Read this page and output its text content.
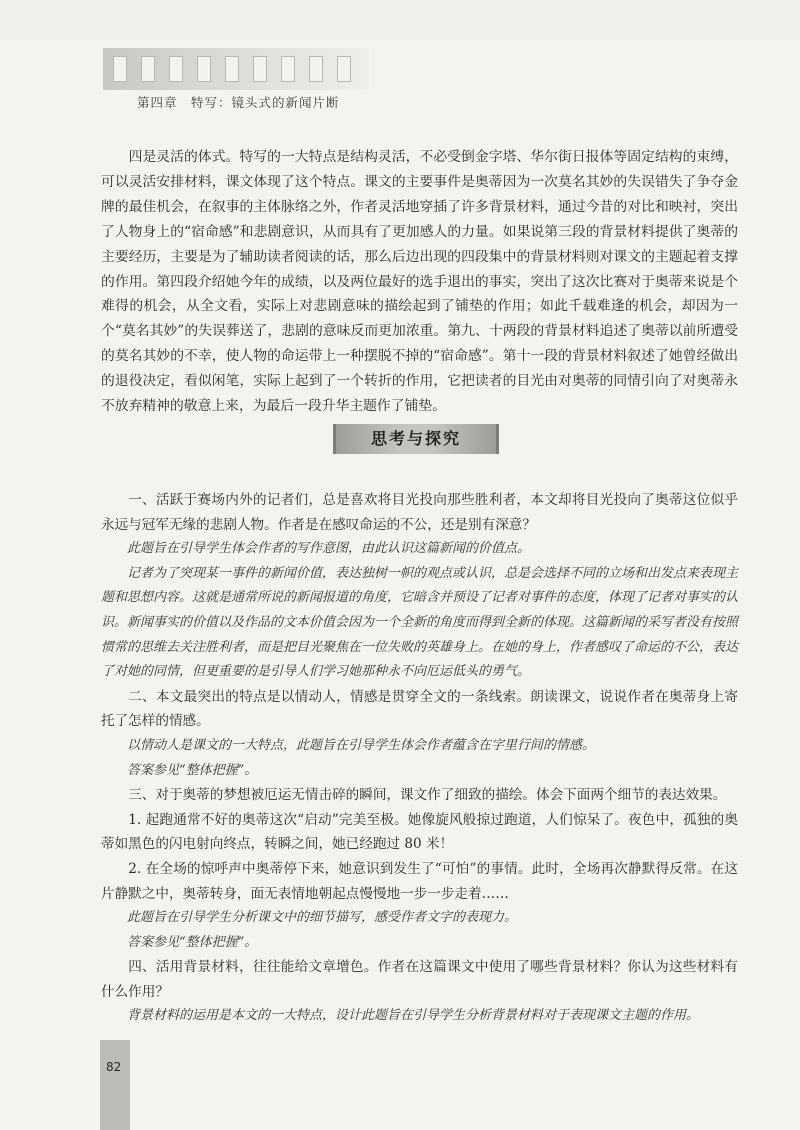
第四章　特写：镜头式的新闻片断

四是灵活的体式。特写的一大特点是结构灵活，不必受倒金字塔、华尔街日报体等固定结构的束缚，可以灵活安排材料，课文体现了这个特点。课文的主要事件是奥蒂因为一次莫名其妙的失误错失了争夺金牌的最佳机会，在叙事的主体脉络之外，作者灵活地穿插了许多背景材料，通过今昔的对比和映衬，突出了人物身上的“宿命感”和悲剧意识，从而具有了更加感人的力量。如果说第三段的背景材料提供了奥蒂的主要经历，主要是为了辅助读者阅读的话，那么后边出现的四段集中的背景材料则对课文的主题起着支撑的作用。第四段介绍她今年的成绩，以及两位最好的选手退出的事实，突出了这次比赛对于奥蒂来说是个难得的机会，从全文看，实际上对悲剧意味的描绘起到了铺垫的作用；如此千载难逢的机会，却因为一个“莫名其妙”的失误葬送了，悲剧的意味反而更加浓重。第九、十两段的背景材料追述了奥蒂以前所遭受的莫名其妙的不幸，使人物的命运带上一种摆脱不掉的“宿命感”。第十一段的背景材料叙述了她曾经做出的退役决定，看似闲笔，实际上起到了一个转折的作用，它把读者的目光由对奥蒂的同情引向了对奥蒂永不放弃精神的敬意上来，为最后一段升华主题作了铺垫。

思考与探究

一、活跃于赛场内外的记者们，总是喜欢将目光投向那些胜利者，本文却将目光投向了奥蒂这位似乎永远与冠军无缘的悲剧人物。作者是在感叹命运的不公，还是别有深意？

此题旨在引导学生体会作者的写作意图，由此认识这篇新闻的价值点。

记者为了突现某一事件的新闻价值，表达独树一帜的观点或认识，总是会选择不同的立场和出发点来表现主题和思想内容。这就是通常所说的新闻报道的角度，它暗含并预设了记者对事件的态度，体现了记者对事实的认识。新闻事实的价值以及作品的文本价值会因为一个全新的角度而得到全新的体现。这篇新闻的采写者没有按照惯常的思维去关注胜利者，而是把目光聚焦在一位失败的英雄身上。在她的身上，作者感叹了命运的不公，表达了对她的同情，但更重要的是引导人们学习她那种永不向厄运低头的勇气。

二、本文最突出的特点是以情动人，情感是贯穿全文的一条线索。朗读课文，说说作者在奥蒂身上寄托了怎样的情感。

以情动人是课文的一大特点，此题旨在引导学生体会作者蕴含在字里行间的情感。

答案参见“整体把握”。

三、对于奥蒂的梦想被厄运无情击碎的瞬间，课文作了细致的描绘。体会下面两个细节的表达效果。

1. 起跑通常不好的奥蒂这次“启动”完美至极。她像旋风般掠过跑道，人们惊呆了。夜色中，孤独的奥蒂如黑色的闪电射向终点，转瞬之间，她已经跑过 80 米！

2. 在全场的惊呼声中奥蒂停下来，她意识到发生了“可怕”的事情。此时，全场再次静默得反常。在这片静默之中，奥蒂转身，面无表情地朝起点慢慢地一步一步走着……

此题旨在引导学生分析课文中的细节描写，感受作者文字的表现力。

答案参见“整体把握”。

四、活用背景材料，往往能给文章增色。作者在这篇课文中使用了哪些背景材料？你认为这些材料有什么作用？

背景材料的运用是本文的一大特点，设计此题旨在引导学生分析背景材料对于表现课文主题的作用。

82
